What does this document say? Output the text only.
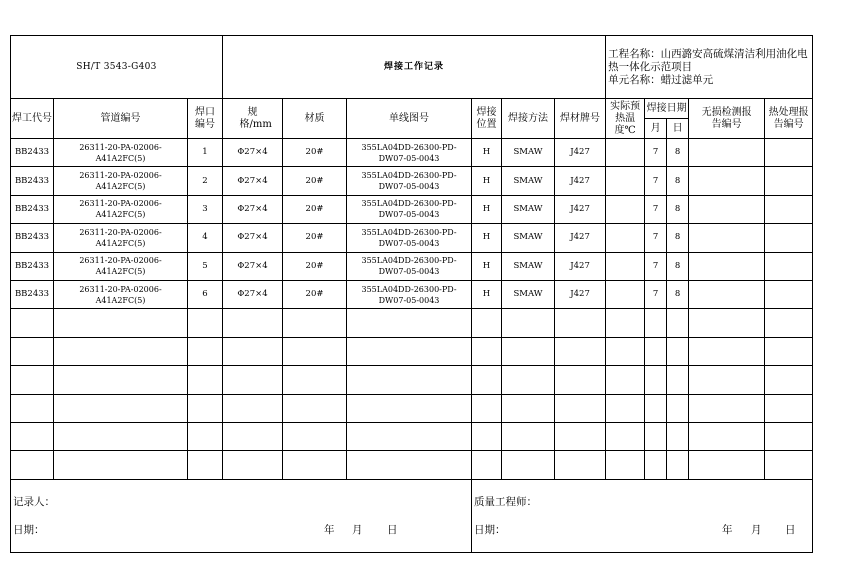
SH/T 3543-G403			焊接工作记录						工程名称：山西潞安高硫煤清洁利用油化电热一体化示范项目
单元名称：蜡过滤单元				
焊工代号	管道编号	焊口编号	规格/mm	材质	单线图号	焊接位置	焊接方法	焊材牌号	实际预热温度℃	焊接日期		无损检测报告编号	热处理报告编号
										月	日		
BB2433	26311-20-PA-02006-A41A2FC(5)	1	Φ27×4	20#	355LA04DD-26300-PD-DW07-05-0043	H	SMAW	J427		7	8		
BB2433	26311-20-PA-02006-A41A2FC(5)	2	Φ27×4	20#	355LA04DD-26300-PD-DW07-05-0043	H	SMAW	J427		7	8		
BB2433	26311-20-PA-02006-A41A2FC(5)	3	Φ27×4	20#	355LA04DD-26300-PD-DW07-05-0043	H	SMAW	J427		7	8		
BB2433	26311-20-PA-02006-A41A2FC(5)	4	Φ27×4	20#	355LA04DD-26300-PD-DW07-05-0043	H	SMAW	J427		7	8		
BB2433	26311-20-PA-02006-A41A2FC(5)	5	Φ27×4	20#	355LA04DD-26300-PD-DW07-05-0043	H	SMAW	J427		7	8		
BB2433	26311-20-PA-02006-A41A2FC(5)	6	Φ27×4	20#	355LA04DD-26300-PD-DW07-05-0043	H	SMAW	J427		7	8		

记录人：
日期： 年 月 日						质量工程师：
日期： 年 月 日							
